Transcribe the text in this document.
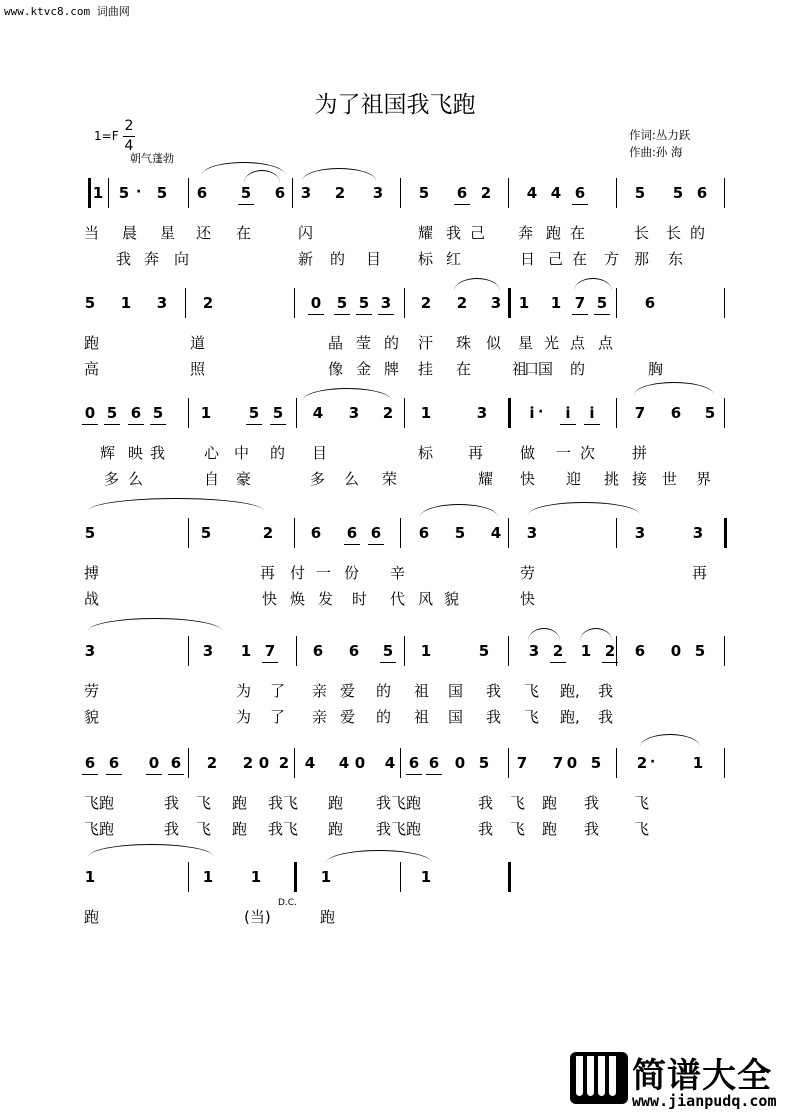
www.ktvc8.com 词曲网
为了祖国我飞跑
1=F
2
4
朝气蓬勃
作词:丛力跃
作曲:孙 海
1 5 5 6 5 6 3 2 3 5 6 2 4 4 6	5 5 6
·
当 晨 星 还 在	闪	耀 我 己 奔 跑 在	长 长 的
我 奔 向	新 的 目 标 红	日 己 在	那 东
方
5 1 3 2	0 5 5 3 2 2 3 1 1 7 5	6
跑	道	晶 莹 的 汗 珠 似 星 光 点 点
高	照	像 金 牌 挂 在	祖 国 的	胸
口
0 5 6 5	1	5 5 4 3 2 1	3	i i i	7 6 5
·
辉 映 我	心 中 的 目	标 再 做 一 次 拼
多 么	自 豪	多 么 荣	耀 快 迎	接 世 界
挑
5	5	2	6 6 6	6 5 4 3	3	3
搏	再 付 一 份 辛	劳	再
战	快 焕 发 时 代 风 貌	快
3	3 1 7	6 6 5 1	5	3 2 1 2 6 0 5
劳	为 了 亲 爱 的 祖 国 我 飞 跑, 我
貌	为 了 亲 爱 的 祖 国 我 飞 跑, 我
6 6 0 6 2 2 0 2 4 4 0 4 6 6 0 5 7 7 0 5 2	1
·
飞跑	我 飞 跑 我飞 跑 我飞跑	我 飞 跑 我 飞
飞跑	我 飞 跑 我飞 跑 我飞跑	我 飞 跑 我 飞
1	1	1	1	1
跑	(当)	跑
D.C.
简谱大全
www.jianpudq.com
